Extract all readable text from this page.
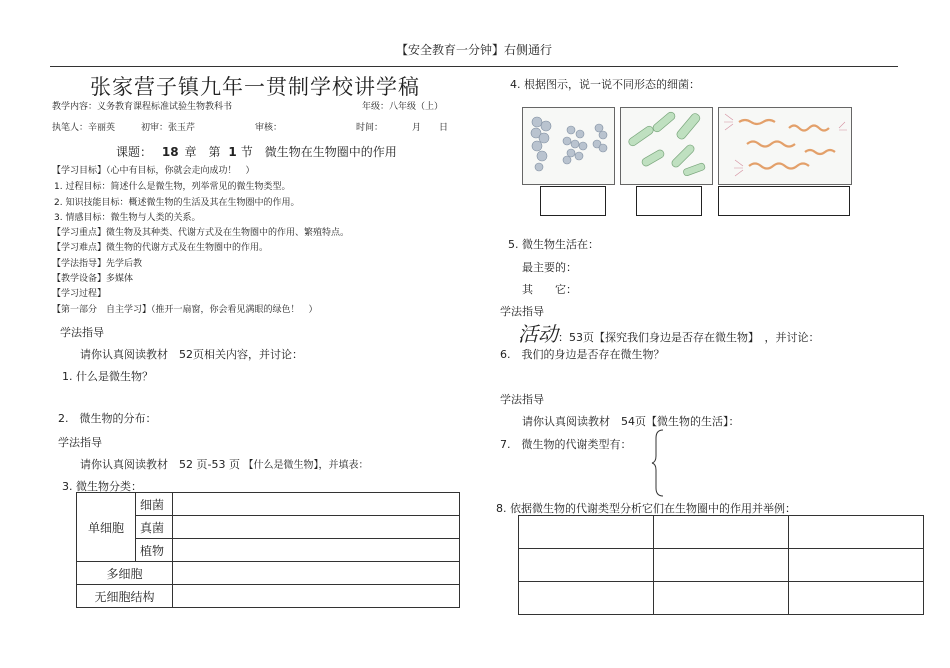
【安全教育一分钟】右侧通行
张家营子镇九年一贯制学校讲学稿
教学内容：义务教育课程标准试验生物教科书	年级：八年级（上）
执笔人：辛丽英	初审：张玉芹	审核：	时间：	月 日
课题： 18 章　第 1 节　微生物在生物圈中的作用
【学习目标】（心中有目标，你就会走向成功！　）
1. 过程目标：简述什么是微生物，列举常见的微生物类型。
2. 知识技能目标：概述微生物的生活及其在生物圈中的作用。
3. 情感目标：微生物与人类的关系。
【学习重点】微生物及其种类、代谢方式及在生物圈中的作用、繁殖特点。
【学习难点】微生物的代谢方式及在生物圈中的作用。
【学法指导】先学后教
【教学设备】多媒体
【学习过程】
【第一部分　自主学习】（推开一扇窗，你会看见满眼的绿色！　）
学法指导
请你认真阅读教材　52页相关内容，并讨论：
1. 什么是微生物？
2.　微生物的分布：
学法指导
请你认真阅读教材　52 页-53 页 【什么是微生物】，并填表：
3. 微生物分类：
单细胞	细菌	
	真菌	
	植物	
多细胞		
无细胞结构		
4. 根据图示，说一说不同形态的细菌：
5. 微生物生活在：
最主要的：
其　　它：
学法指导
活动：53页【探究我们身边是否存在微生物】　，并讨论：
6.　我们的身边是否存在微生物？
学法指导
请你认真阅读教材　54页【微生物的生活】：
7.　微生物的代谢类型有：
8. 依据微生物的代谢类型分析它们在生物圈中的作用并举例：
